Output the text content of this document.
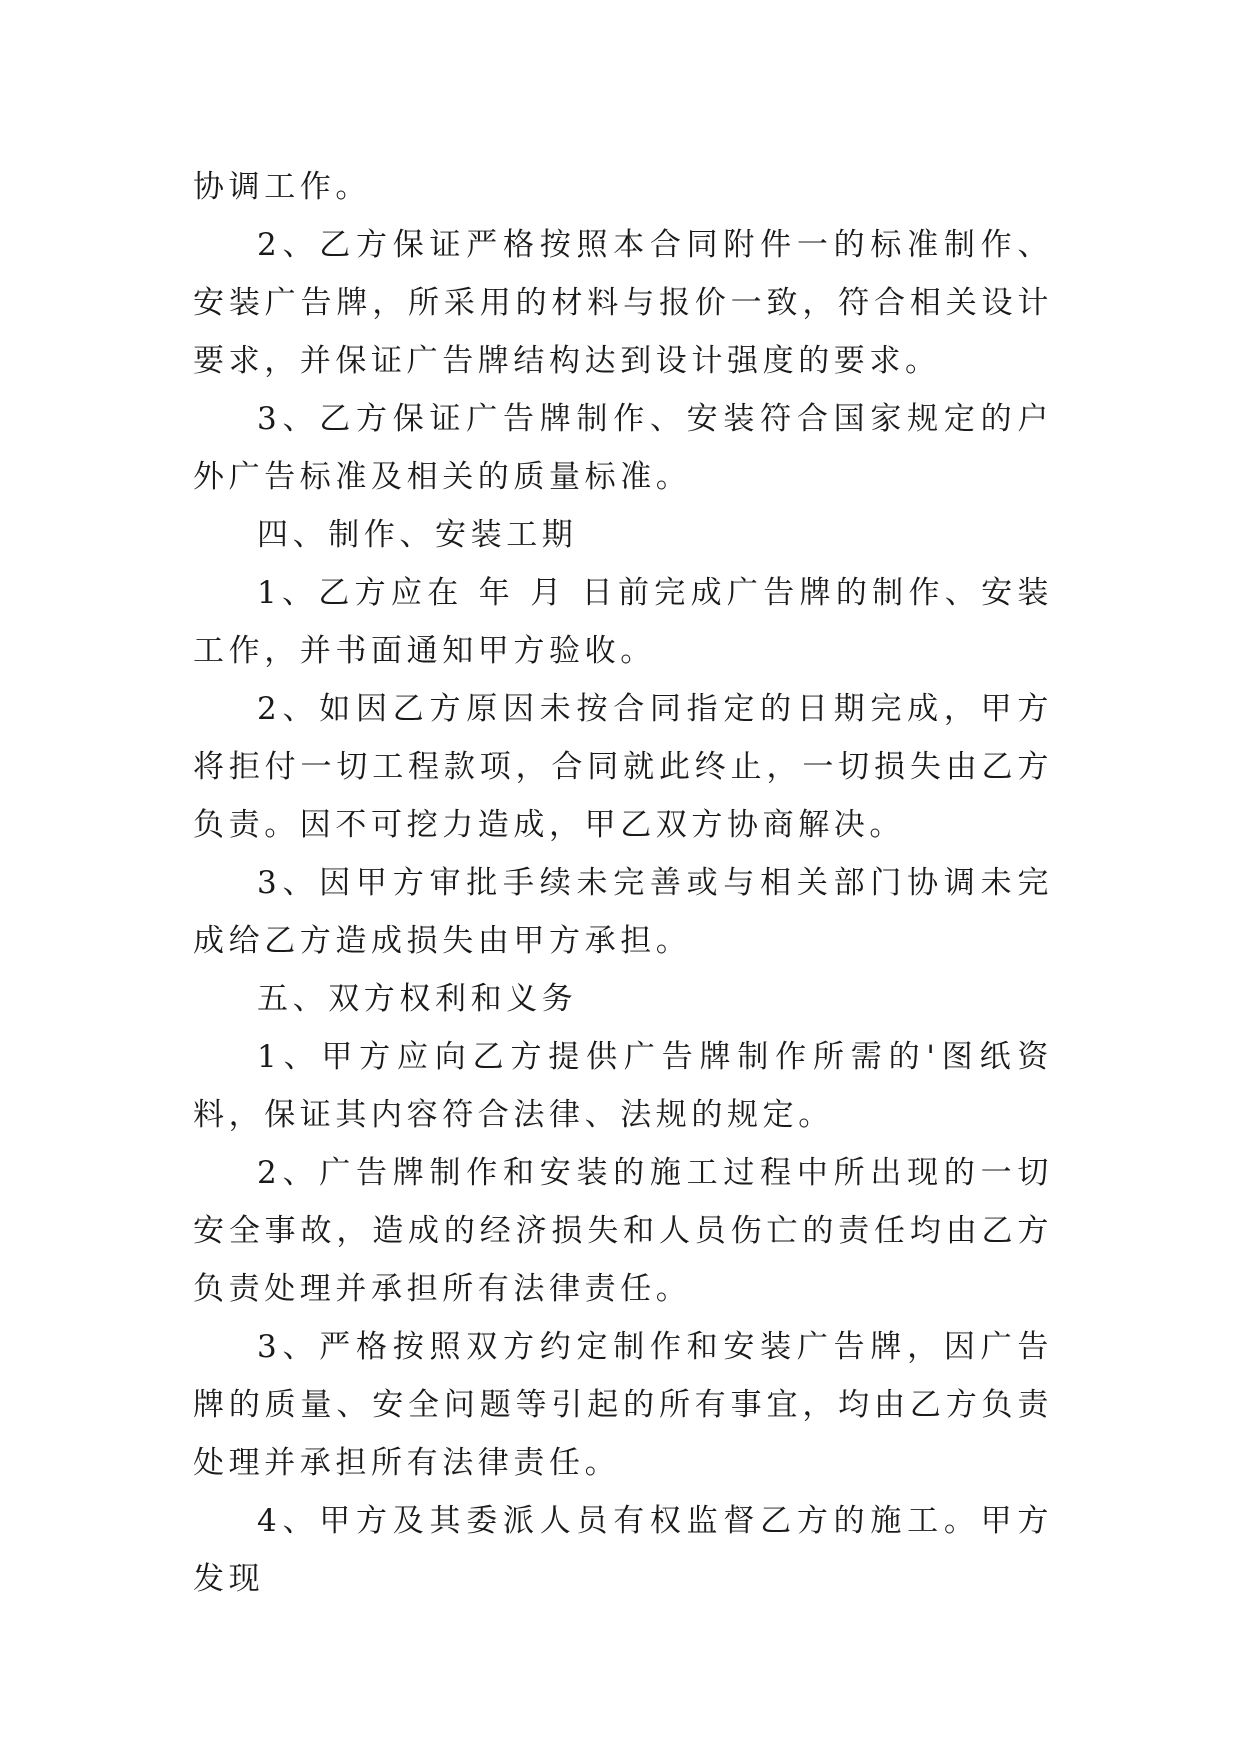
协调工作。

2、乙方保证严格按照本合同附件一的标准制作、安装广告牌，所采用的材料与报价一致，符合相关设计要求，并保证广告牌结构达到设计强度的要求。

3、乙方保证广告牌制作、安装符合国家规定的户外广告标准及相关的质量标准。

四、制作、安装工期

1、乙方应在 年 月 日前完成广告牌的制作、安装工作，并书面通知甲方验收。

2、如因乙方原因未按合同指定的日期完成，甲方将拒付一切工程款项，合同就此终止，一切损失由乙方负责。因不可挖力造成，甲乙双方协商解决。

3、因甲方审批手续未完善或与相关部门协调未完成给乙方造成损失由甲方承担。

五、双方权利和义务

1、甲方应向乙方提供广告牌制作所需的'图纸资料，保证其内容符合法律、法规的规定。

2、广告牌制作和安装的施工过程中所出现的一切安全事故，造成的经济损失和人员伤亡的责任均由乙方负责处理并承担所有法律责任。

3、严格按照双方约定制作和安装广告牌，因广告牌的质量、安全问题等引起的所有事宜，均由乙方负责处理并承担所有法律责任。

4、甲方及其委派人员有权监督乙方的施工。甲方发现
